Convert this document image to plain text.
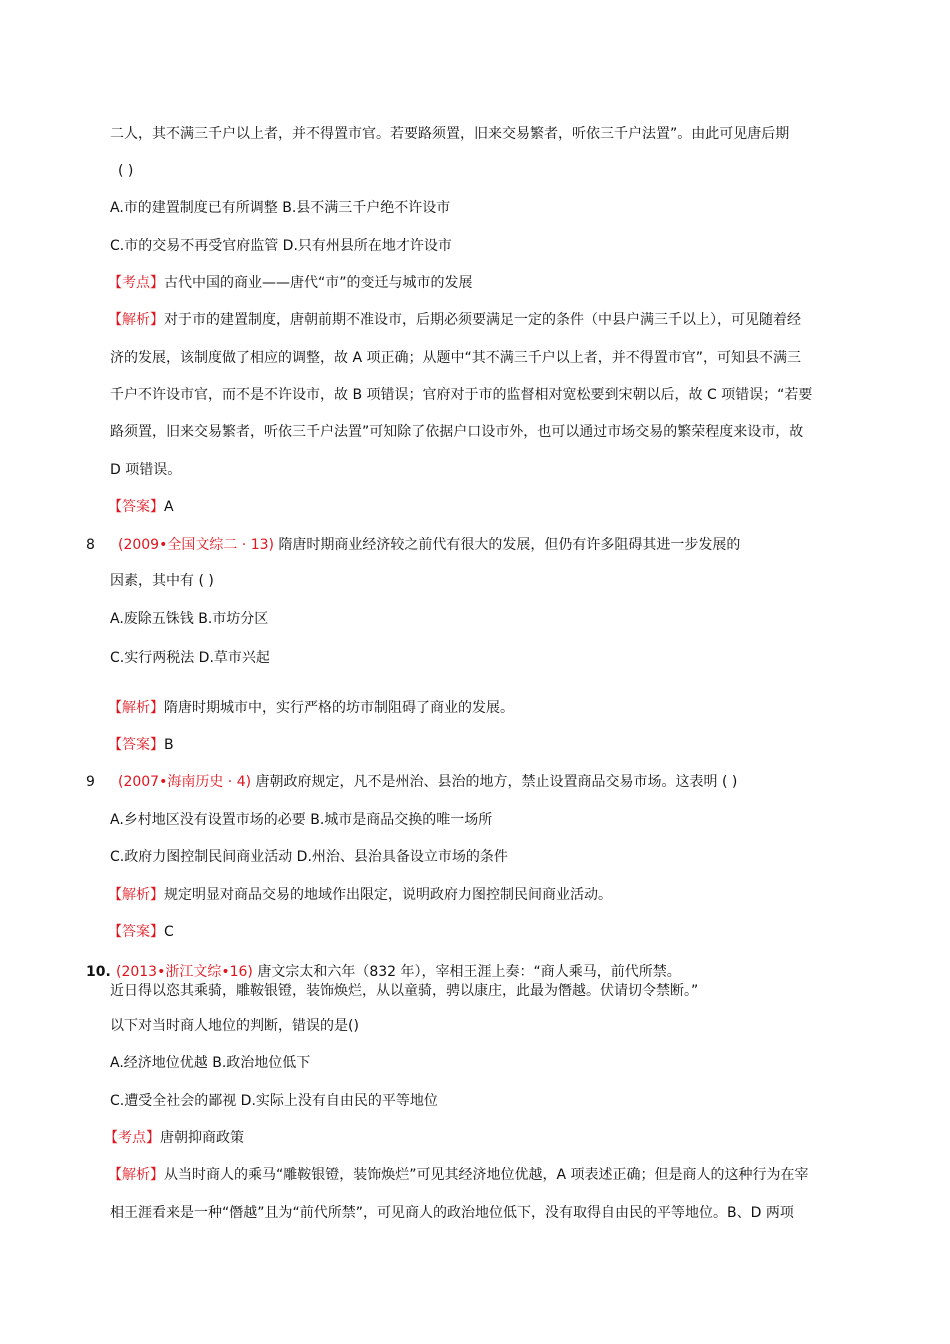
二人，其不满三千户以上者，并不得置市官。若要路须置，旧来交易繁者，听依三千户法置”。由此可见唐后期
( )
A.市的建置制度已有所调整 B.县不满三千户绝不许设市
C.市的交易不再受官府监管 D.只有州县所在地才许设市
【考点】古代中国的商业——唐代“市”的变迁与城市的发展
【解析】对于市的建置制度，唐朝前期不准设市，后期必须要满足一定的条件（中县户满三千以上），可见随着经
济的发展，该制度做了相应的调整，故 A 项正确；从题中“其不满三千户以上者，并不得置市官”，可知县不满三
千户不许设市官，而不是不许设市，故 B 项错误；官府对于市的监督相对宽松要到宋朝以后，故 C 项错误；“若要
路须置，旧来交易繁者，听依三千户法置”可知除了依据户口设市外，也可以通过市场交易的繁荣程度来设市，故
D 项错误。
【答案】A
8 (2009•全国文综二 · 13) 隋唐时期商业经济较之前代有很大的发展，但仍有许多阻碍其进一步发展的
因素，其中有 ( )
A.废除五铢钱 B.市坊分区
C.实行两税法 D.草市兴起
【解析】隋唐时期城市中，实行严格的坊市制阻碍了商业的发展。
【答案】B
9 (2007•海南历史 · 4) 唐朝政府规定，凡不是州治、县治的地方，禁止设置商品交易市场。这表明 ( )
A.乡村地区没有设置市场的必要 B.城市是商品交换的唯一场所
C.政府力图控制民间商业活动 D.州治、县治具备设立市场的条件
【解析】规定明显对商品交易的地域作出限定，说明政府力图控制民间商业活动。
【答案】C
10. (2013•浙江文综•16) 唐文宗太和六年（832 年），宰相王涯上奏：“商人乘马，前代所禁。
近日得以恣其乘骑，雕鞍银镫，装饰焕烂，从以童骑，骋以康庄，此最为僭越。伏请切令禁断。”
以下对当时商人地位的判断，错误的是()
A.经济地位优越 B.政治地位低下
C.遭受全社会的鄙视 D.实际上没有自由民的平等地位
【考点】唐朝抑商政策
【解析】从当时商人的乘马“雕鞍银镫，装饰焕烂”可见其经济地位优越，A 项表述正确；但是商人的这种行为在宰
相王涯看来是一种“僭越”且为“前代所禁”，可见商人的政治地位低下，没有取得自由民的平等地位。B、D 两项
